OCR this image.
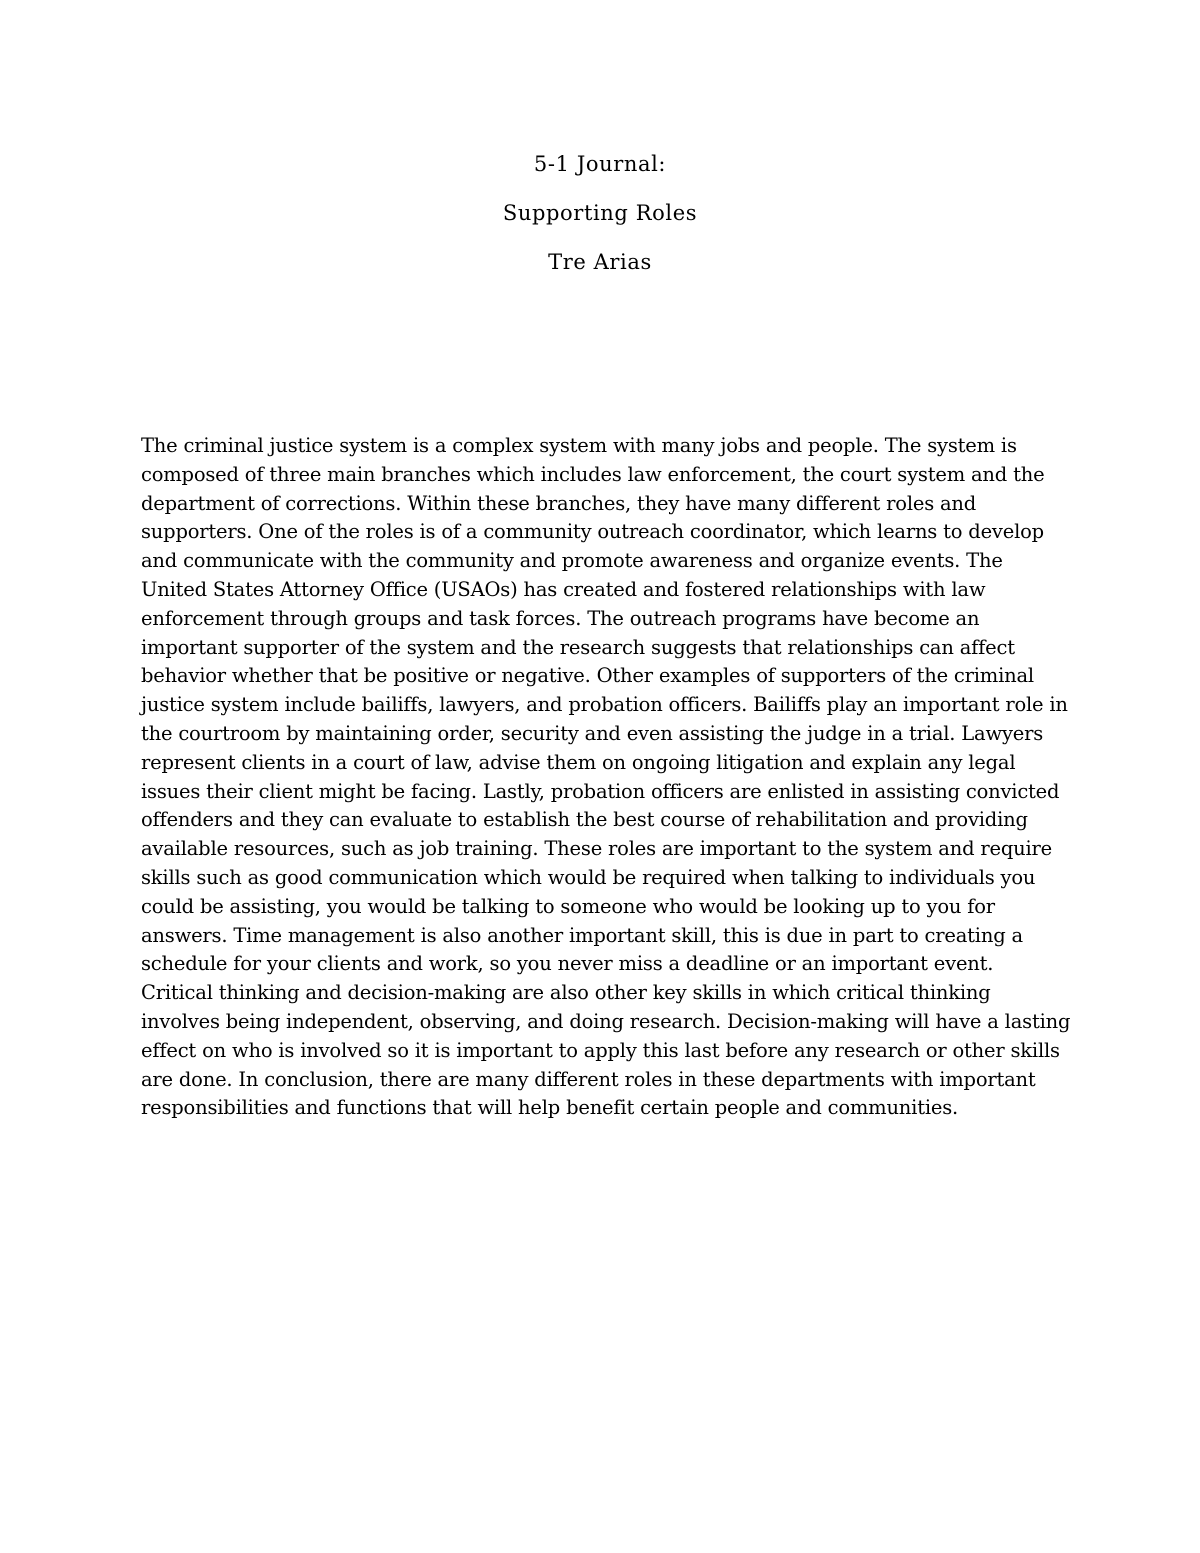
5-1 Journal:
Supporting Roles
Tre Arias

The criminal justice system is a complex system with many jobs and people. The system is composed of three main branches which includes law enforcement, the court system and the department of corrections. Within these branches, they have many different roles and supporters. One of the roles is of a community outreach coordinator, which learns to develop and communicate with the community and promote awareness and organize events. The United States Attorney Office (USAOs) has created and fostered relationships with law enforcement through groups and task forces. The outreach programs have become an important supporter of the system and the research suggests that relationships can affect behavior whether that be positive or negative. Other examples of supporters of the criminal justice system include bailiffs, lawyers, and probation officers. Bailiffs play an important role in the courtroom by maintaining order, security and even assisting the judge in a trial. Lawyers represent clients in a court of law, advise them on ongoing litigation and explain any legal issues their client might be facing. Lastly, probation officers are enlisted in assisting convicted offenders and they can evaluate to establish the best course of rehabilitation and providing available resources, such as job training. These roles are important to the system and require skills such as good communication which would be required when talking to individuals you could be assisting, you would be talking to someone who would be looking up to you for answers. Time management is also another important skill, this is due in part to creating a schedule for your clients and work, so you never miss a deadline or an important event. Critical thinking and decision-making are also other key skills in which critical thinking involves being independent, observing, and doing research. Decision-making will have a lasting effect on who is involved so it is important to apply this last before any research or other skills are done. In conclusion, there are many different roles in these departments with important responsibilities and functions that will help benefit certain people and communities.
